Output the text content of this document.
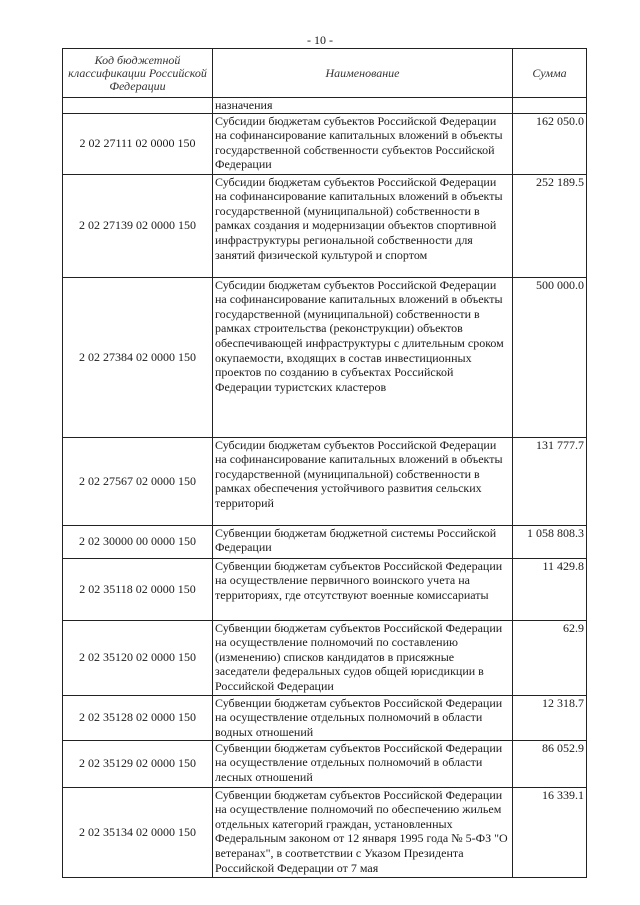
- 10 -
Код бюджетной классификации Российской Федерации	Наименование	Сумма
	назначения	
2 02 27111 02 0000 150	Субсидии бюджетам субъектов Российской Федерации на софинансирование капитальных вложений в объекты государственной собственности субъектов Российской Федерации	162 050.0
2 02 27139 02 0000 150	Субсидии бюджетам субъектов Российской Федерации на софинансирование капитальных вложений в объекты государственной (муниципальной) собственности в рамках создания и модернизации объектов спортивной инфраструктуры региональной собственности для занятий физической культурой и спортом	252 189.5
2 02 27384 02 0000 150	Субсидии бюджетам субъектов Российской Федерации на софинансирование капитальных вложений в объекты государственной (муниципальной) собственности в рамках строительства (реконструкции) объектов обеспечивающей инфраструктуры с длительным сроком окупаемости, входящих в состав инвестиционных проектов по созданию в субъектах Российской Федерации туристских кластеров	500 000.0
2 02 27567 02 0000 150	Субсидии бюджетам субъектов Российской Федерации на софинансирование капитальных вложений в объекты государственной (муниципальной) собственности в рамках обеспечения устойчивого развития сельских территорий	131 777.7
2 02 30000 00 0000 150	Субвенции бюджетам бюджетной системы Российской Федерации	1 058 808.3
2 02 35118 02 0000 150	Субвенции бюджетам субъектов Российской Федерации на осуществление первичного воинского учета на территориях, где отсутствуют военные комиссариаты	11 429.8
2 02 35120 02 0000 150	Субвенции бюджетам субъектов Российской Федерации на осуществление полномочий по составлению (изменению) списков кандидатов в присяжные заседатели федеральных судов общей юрисдикции в Российской Федерации	62.9
2 02 35128 02 0000 150	Субвенции бюджетам субъектов Российской Федерации на осуществление отдельных полномочий в области водных отношений	12 318.7
2 02 35129 02 0000 150	Субвенции бюджетам субъектов Российской Федерации на осуществление отдельных полномочий в области лесных отношений	86 052.9
2 02 35134 02 0000 150	Субвенции бюджетам субъектов Российской Федерации на осуществление полномочий по обеспечению жильем отдельных категорий граждан, установленных Федеральным законом от 12 января 1995 года № 5-ФЗ "О ветеранах", в соответствии с Указом Президента Российской Федерации от 7 мая	16 339.1
